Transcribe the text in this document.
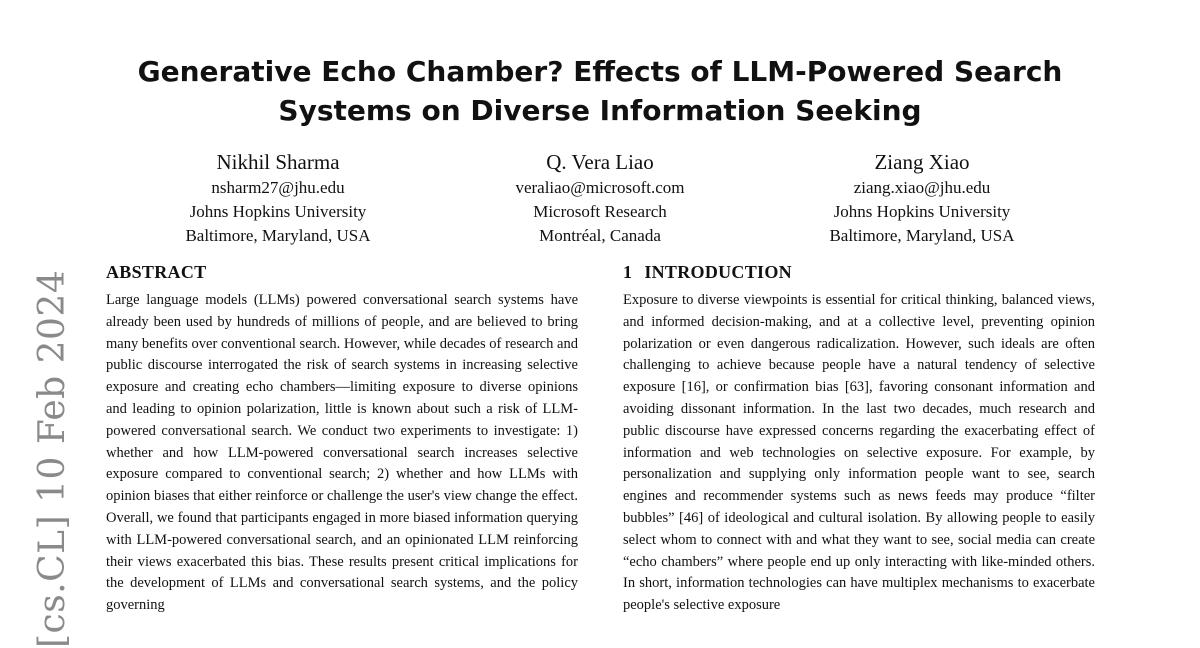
[cs.CL] 10 Feb 2024
Generative Echo Chamber? Effects of LLM-Powered Search Systems on Diverse Information Seeking
Nikhil Sharma
nsharm27@jhu.edu
Johns Hopkins University
Baltimore, Maryland, USA
Q. Vera Liao
veraliao@microsoft.com
Microsoft Research
Montréal, Canada
Ziang Xiao
ziang.xiao@jhu.edu
Johns Hopkins University
Baltimore, Maryland, USA
ABSTRACT

Large language models (LLMs) powered conversational search systems have already been used by hundreds of millions of people, and are believed to bring many benefits over conventional search. However, while decades of research and public discourse interrogated the risk of search systems in increasing selective exposure and creating echo chambers—limiting exposure to diverse opinions and leading to opinion polarization, little is known about such a risk of LLM-powered conversational search. We conduct two experiments to investigate: 1) whether and how LLM-powered conversational search increases selective exposure compared to conventional search; 2) whether and how LLMs with opinion biases that either reinforce or challenge the user's view change the effect. Overall, we found that participants engaged in more biased information querying with LLM-powered conversational search, and an opinionated LLM reinforcing their views exacerbated this bias. These results present critical implications for the development of LLMs and conversational search systems, and the policy governing

1 INTRODUCTION

Exposure to diverse viewpoints is essential for critical thinking, balanced views, and informed decision-making, and at a collective level, preventing opinion polarization or even dangerous radicalization. However, such ideals are often challenging to achieve because people have a natural tendency of selective exposure [16], or confirmation bias [63], favoring consonant information and avoiding dissonant information. In the last two decades, much research and public discourse have expressed concerns regarding the exacerbating effect of information and web technologies on selective exposure. For example, by personalization and supplying only information people want to see, search engines and recommender systems such as news feeds may produce “filter bubbles” [46] of ideological and cultural isolation. By allowing people to easily select whom to connect with and what they want to see, social media can create “echo chambers” where people end up only interacting with like-minded others. In short, information technologies can have multiplex mechanisms to exacerbate people's selective exposure
